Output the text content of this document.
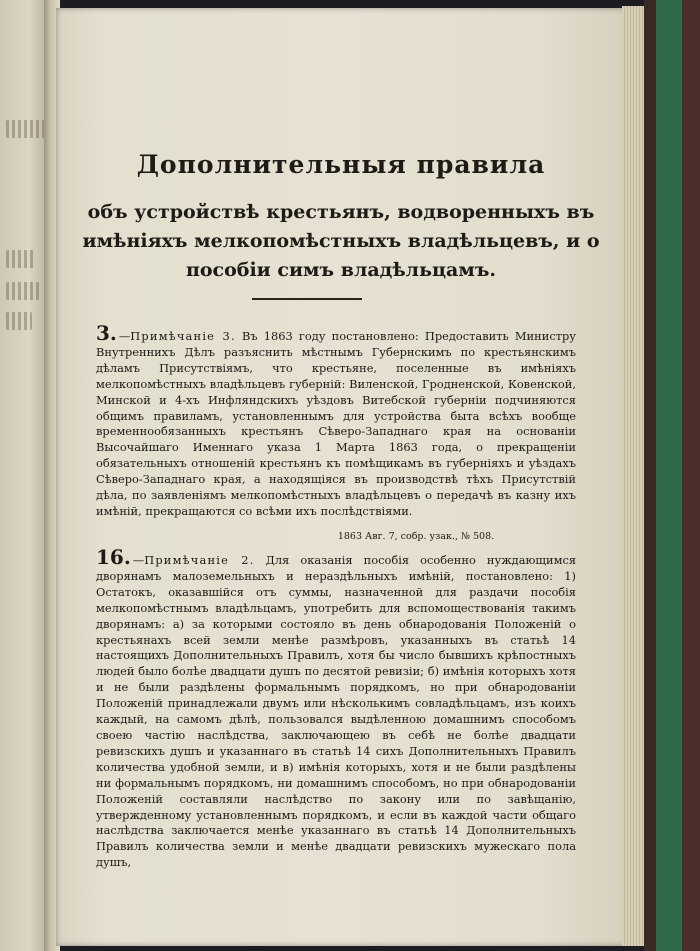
Дополнительныя правила
объ устройствѣ крестьянъ, водворенныхъ въ имѣніяхъ мелкопомѣстныхъ владѣльцевъ, и о пособіи симъ владѣльцамъ.

3. —Примѣчаніе 3. Въ 1863 году постановлено: Предоставить Министру Внутреннихъ Дѣлъ разъяснить мѣстнымъ Губернскимъ по крестьянскимъ дѣламъ Присутствіямъ, что крестьяне, поселенные въ имѣніяхъ мелкопомѣстныхъ владѣльцевъ губерній: Виленской, Гродненской, Ковенской, Минской и 4-хъ Инфляндскихъ уѣздовъ Витебской губерніи подчиняются общимъ правиламъ, установленнымъ для устройства быта всѣхъ вообще временнообязанныхъ крестьянъ Сѣверо-Западнаго края на основаніи Высочайшаго Именнаго указа 1 Марта 1863 года, о прекращеніи обязательныхъ отношеній крестьянъ къ помѣщикамъ въ губерніяхъ и уѣздахъ Сѣверо-Западнаго края, а находящіяся въ производствѣ тѣхъ Присутствій дѣла, по заявленіямъ мелкопомѣстныхъ владѣльцевъ о передачѣ въ казну ихъ имѣній, прекращаются со всѣми ихъ послѣдствіями.

1863 Авг. 7, собр. узак., № 508.

16. —Примѣчаніе 2. Для оказанія пособія особенно нуждающимся дворянамъ малоземельныхъ и нераздѣльныхъ имѣній, постановлено: 1) Остатокъ, оказавшійся отъ суммы, назначенной для раздачи пособія мелкопомѣстнымъ владѣльцамъ, употребить для вспомоществованія такимъ дворянамъ: а) за которыми состояло въ день обнародованія Положеній о крестьянахъ всей земли менѣе размѣровъ, указанныхъ въ статьѣ 14 настоящихъ Дополнительныхъ Правилъ, хотя бы число бывшихъ крѣпостныхъ людей было болѣе двадцати душъ по десятой ревизіи; б) имѣнія которыхъ хотя и не были раздѣлены формальнымъ порядкомъ, но при обнародованіи Положеній принадлежали двумъ или нѣсколькимъ совладѣльцамъ, изъ коихъ каждый, на самомъ дѣлѣ, пользовался выдѣленною домашнимъ способомъ своею частію наслѣдства, заключающею въ себѣ не болѣе двадцати ревизскихъ душъ и указаннаго въ статьѣ 14 сихъ Дополнительныхъ Правилъ количества удобной земли, и в) имѣнія которыхъ, хотя и не были раздѣлены ни формальнымъ порядкомъ, ни домашнимъ способомъ, но при обнародованіи Положеній составляли наслѣдство по закону или по завѣщанію, утвержденному установленнымъ порядкомъ, и если въ каждой части общаго наслѣдства заключается менѣе указаннаго въ статьѣ 14 Дополнительныхъ Правилъ количества земли и менѣе двадцати ревизскихъ мужескаго пола душъ,
